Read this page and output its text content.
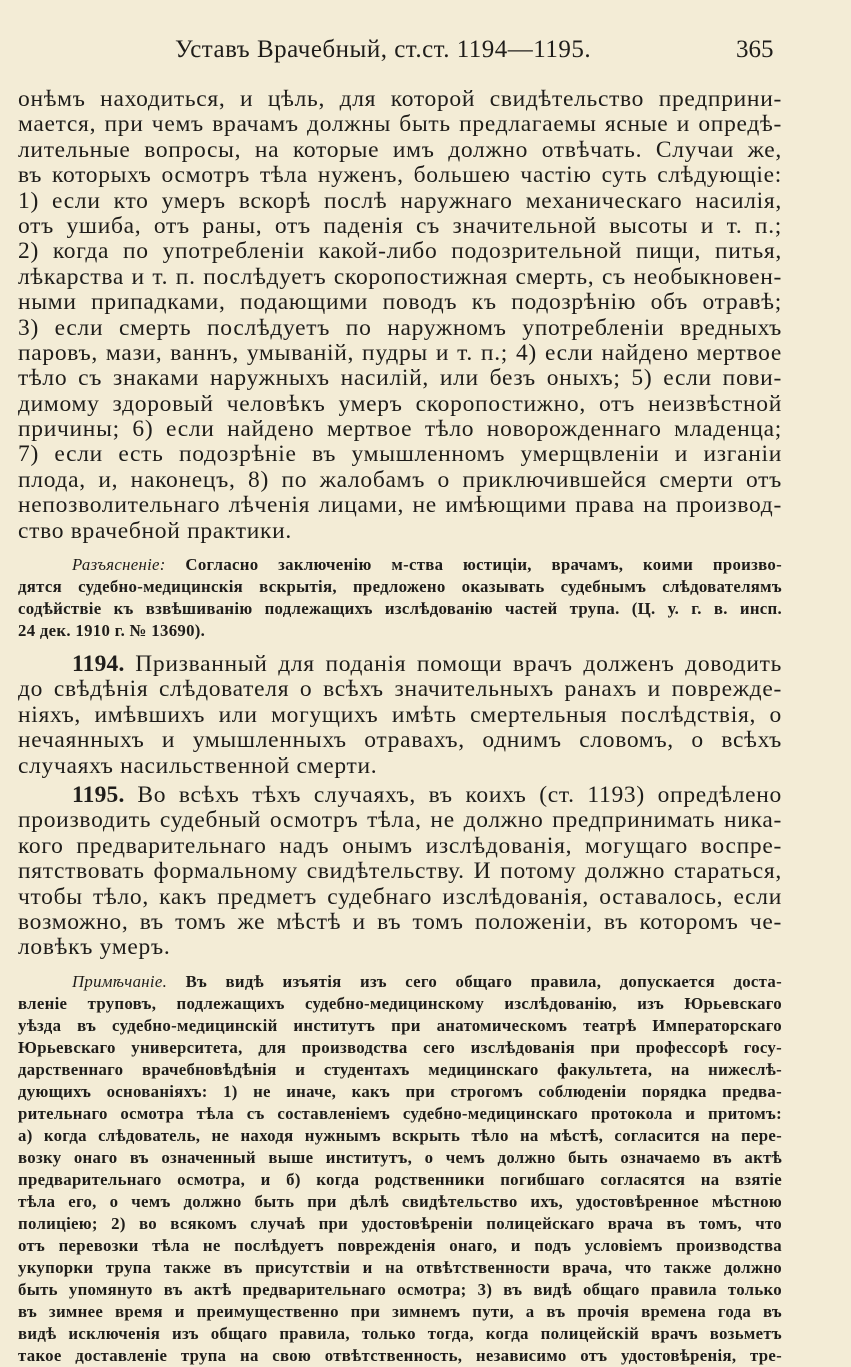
Уставъ Врачебный, ст.ст. 1194—1195.	365
онѣмъ находиться, и цѣль, для которой свидѣтельство предприни-
мается, при чемъ врачамъ должны быть предлагаемы ясные и опредѣ-
лительные вопросы, на которые имъ должно отвѣчать. Случаи же,
въ которыхъ осмотръ тѣла нуженъ, большею частію суть слѣдующіе:
1) если кто умеръ вскорѣ послѣ наружнаго механическаго насилія,
отъ ушиба, отъ раны, отъ паденія съ значительной высоты и т. п.;
2) когда по употребленіи какой-либо подозрительной пищи, питья,
лѣкарства и т. п. послѣдуетъ скоропостижная смерть, съ необыкновен-
ными припадками, подающими поводъ къ подозрѣнію объ отравѣ;
3) если смерть послѣдуетъ по наружномъ употребленіи вредныхъ
паровъ, мази, ваннъ, умываній, пудры и т. п.; 4) если найдено мертвое
тѣло съ знаками наружныхъ насилій, или безъ оныхъ; 5) если пови-
димому здоровый человѣкъ умеръ скоропостижно, отъ неизвѣстной
причины; 6) если найдено мертвое тѣло новорожденнаго младенца;
7) если есть подозрѣніе въ умышленномъ умерщвленіи и изганіи
плода, и, наконецъ, 8) по жалобамъ о приключившейся смерти отъ
непозволительнаго лѣченія лицами, не имѣющими права на производ-
ство врачебной практики.
Разъясненіе: Согласно заключенію м-ства юстиціи, врачамъ, коими произво-
дятся судебно-медицинскія вскрытія, предложено оказывать судебнымъ слѣдователямъ
содѣйствіе къ взвѣшиванію подлежащихъ изслѣдованію частей трупа. (Ц. у. г. в. инсп.
24 дек. 1910 г. № 13690).
1194. Призванный для поданія помощи врачъ долженъ доводить
до свѣдѣнія слѣдователя о всѣхъ значительныхъ ранахъ и поврежде-
ніяхъ, имѣвшихъ или могущихъ имѣть смертельныя послѣдствія, о
нечаянныхъ и умышленныхъ отравахъ, однимъ словомъ, о всѣхъ
случаяхъ насильственной смерти.
1195. Во всѣхъ тѣхъ случаяхъ, въ коихъ (ст. 1193) опредѣлено
производить судебный осмотръ тѣла, не должно предпринимать ника-
кого предварительнаго надъ онымъ изслѣдованія, могущаго воспре-
пятствовать формальному свидѣтельству. И потому должно стараться,
чтобы тѣло, какъ предметъ судебнаго изслѣдованія, оставалось, если
возможно, въ томъ же мѣстѣ и въ томъ положеніи, въ которомъ че-
ловѣкъ умеръ.
Примѣчаніе. Въ видѣ изъятія изъ сего общаго правила, допускается доста-
вленіе труповъ, подлежащихъ судебно-медицинскому изслѣдованію, изъ Юрьевскаго
уѣзда въ судебно-медицинскій институтъ при анатомическомъ театрѣ Императорскаго
Юрьевскаго университета, для производства сего изслѣдованія при профессорѣ госу-
дарственнаго врачебновѣдѣнія и студентахъ медицинскаго факультета, на нижеслѣ-
дующихъ основаніяхъ: 1) не иначе, какъ при строгомъ соблюденіи порядка предва-
рительнаго осмотра тѣла съ составленіемъ судебно-медицинскаго протокола и притомъ:
а) когда слѣдователь, не находя нужнымъ вскрыть тѣло на мѣстѣ, согласится на пере-
возку онаго въ означенный выше институтъ, о чемъ должно быть означаемо въ актѣ
предварительнаго осмотра, и б) когда родственники погибшаго согласятся на взятіе
тѣла его, о чемъ должно быть при дѣлѣ свидѣтельство ихъ, удостовѣренное мѣстною
полиціею; 2) во всякомъ случаѣ при удостовѣреніи полицейскаго врача въ томъ, что
отъ перевозки тѣла не послѣдуетъ поврежденія онаго, и подъ условіемъ производства
укупорки трупа также въ присутствіи и на отвѣтственности врача, что также должно
быть упомянуто въ актѣ предварительнаго осмотра; 3) въ видѣ общаго правила только
въ зимнее время и преимущественно при зимнемъ пути, а въ прочія времена года въ
видѣ исключенія изъ общаго правила, только тогда, когда полицейскій врачъ возьметъ
такое доставленіе трупа на свою отвѣтственность, независимо отъ удостовѣренія, тре-
